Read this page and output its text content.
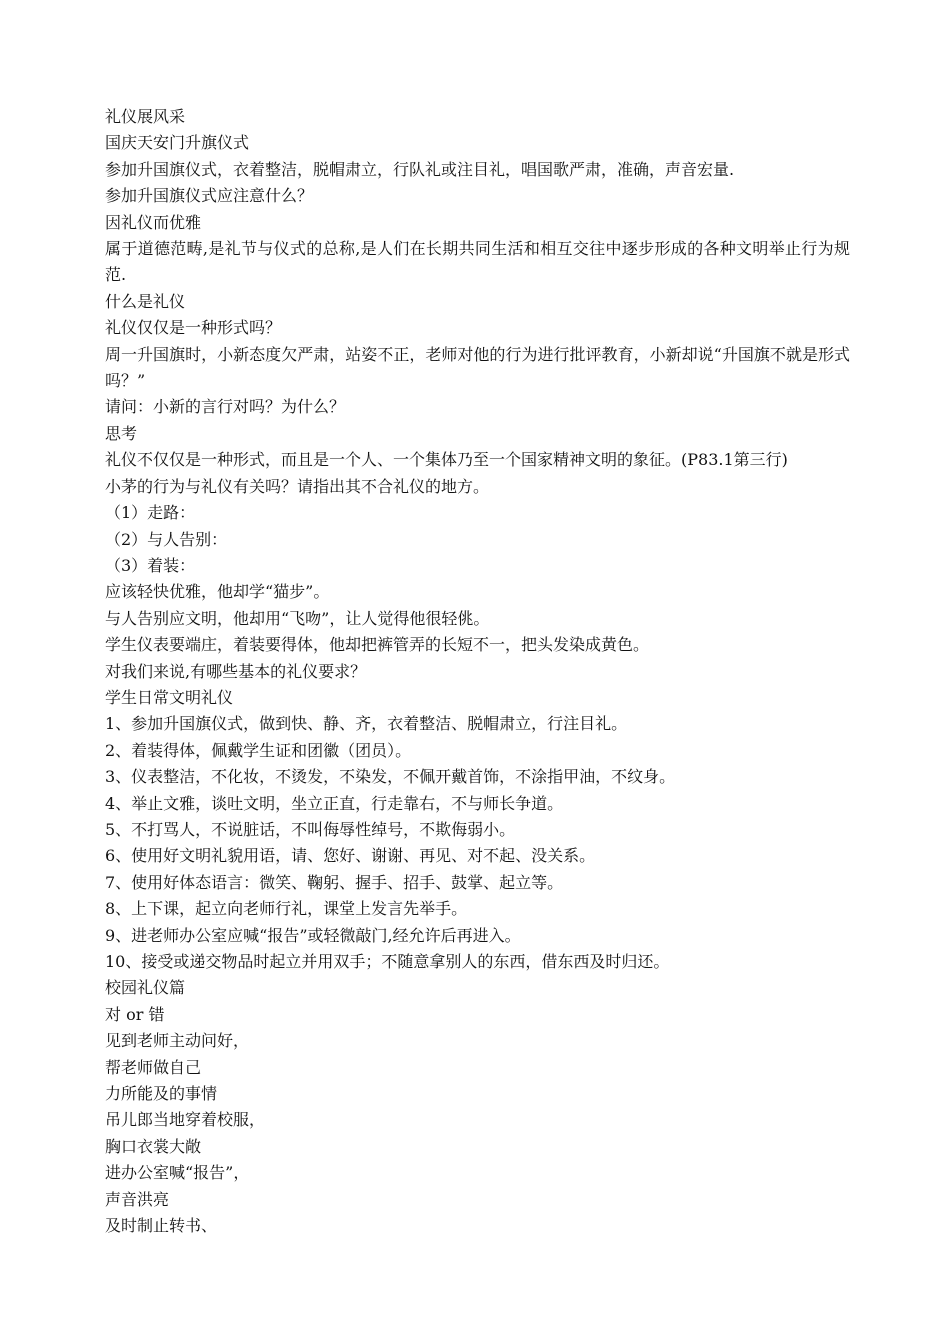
礼仪展风采

国庆天安门升旗仪式

参加升国旗仪式，衣着整洁，脱帽肃立，行队礼或注目礼，唱国歌严肃，准确，声音宏量.

参加升国旗仪式应注意什么？

因礼仪而优雅

属于道德范畴,是礼节与仪式的总称,是人们在长期共同生活和相互交往中逐步形成的各种文明举止行为规范.

什么是礼仪

礼仪仅仅是一种形式吗？

周一升国旗时，小新态度欠严肃，站姿不正，老师对他的行为进行批评教育，小新却说“升国旗不就是形式吗？”

请问：小新的言行对吗？为什么？

思考

礼仪不仅仅是一种形式，而且是一个人、一个集体乃至一个国家精神文明的象征。(P83.1第三行)

小茅的行为与礼仪有关吗？请指出其不合礼仪的地方。

（1）走路：

（2）与人告别：

（3）着装：

应该轻快优雅，他却学“猫步”。

与人告别应文明，他却用“飞吻”，让人觉得他很轻佻。

学生仪表要端庄，着装要得体，他却把裤管弄的长短不一，把头发染成黄色。

对我们来说,有哪些基本的礼仪要求？

学生日常文明礼仪

1、参加升国旗仪式，做到快、静、齐，衣着整洁、脱帽肃立，行注目礼。

2、着装得体，佩戴学生证和团徽（团员）。

3、仪表整洁，不化妆，不烫发，不染发，不佩开戴首饰，不涂指甲油，不纹身。

4、举止文雅，谈吐文明，坐立正直，行走靠右，不与师长争道。

5、不打骂人，不说脏话，不叫侮辱性绰号，不欺侮弱小。

6、使用好文明礼貌用语，请、您好、谢谢、再见、对不起、没关系。

7、使用好体态语言：微笑、鞠躬、握手、招手、鼓掌、起立等。

8、上下课，起立向老师行礼，课堂上发言先举手。

9、进老师办公室应喊“报告”或轻微敲门,经允许后再进入。

10、接受或递交物品时起立并用双手；不随意拿别人的东西，借东西及时归还。

校园礼仪篇

对 or 错

见到老师主动问好，

帮老师做自己

力所能及的事情

吊儿郎当地穿着校服，

胸口衣裳大敞

进办公室喊“报告”，

声音洪亮

及时制止转书、
